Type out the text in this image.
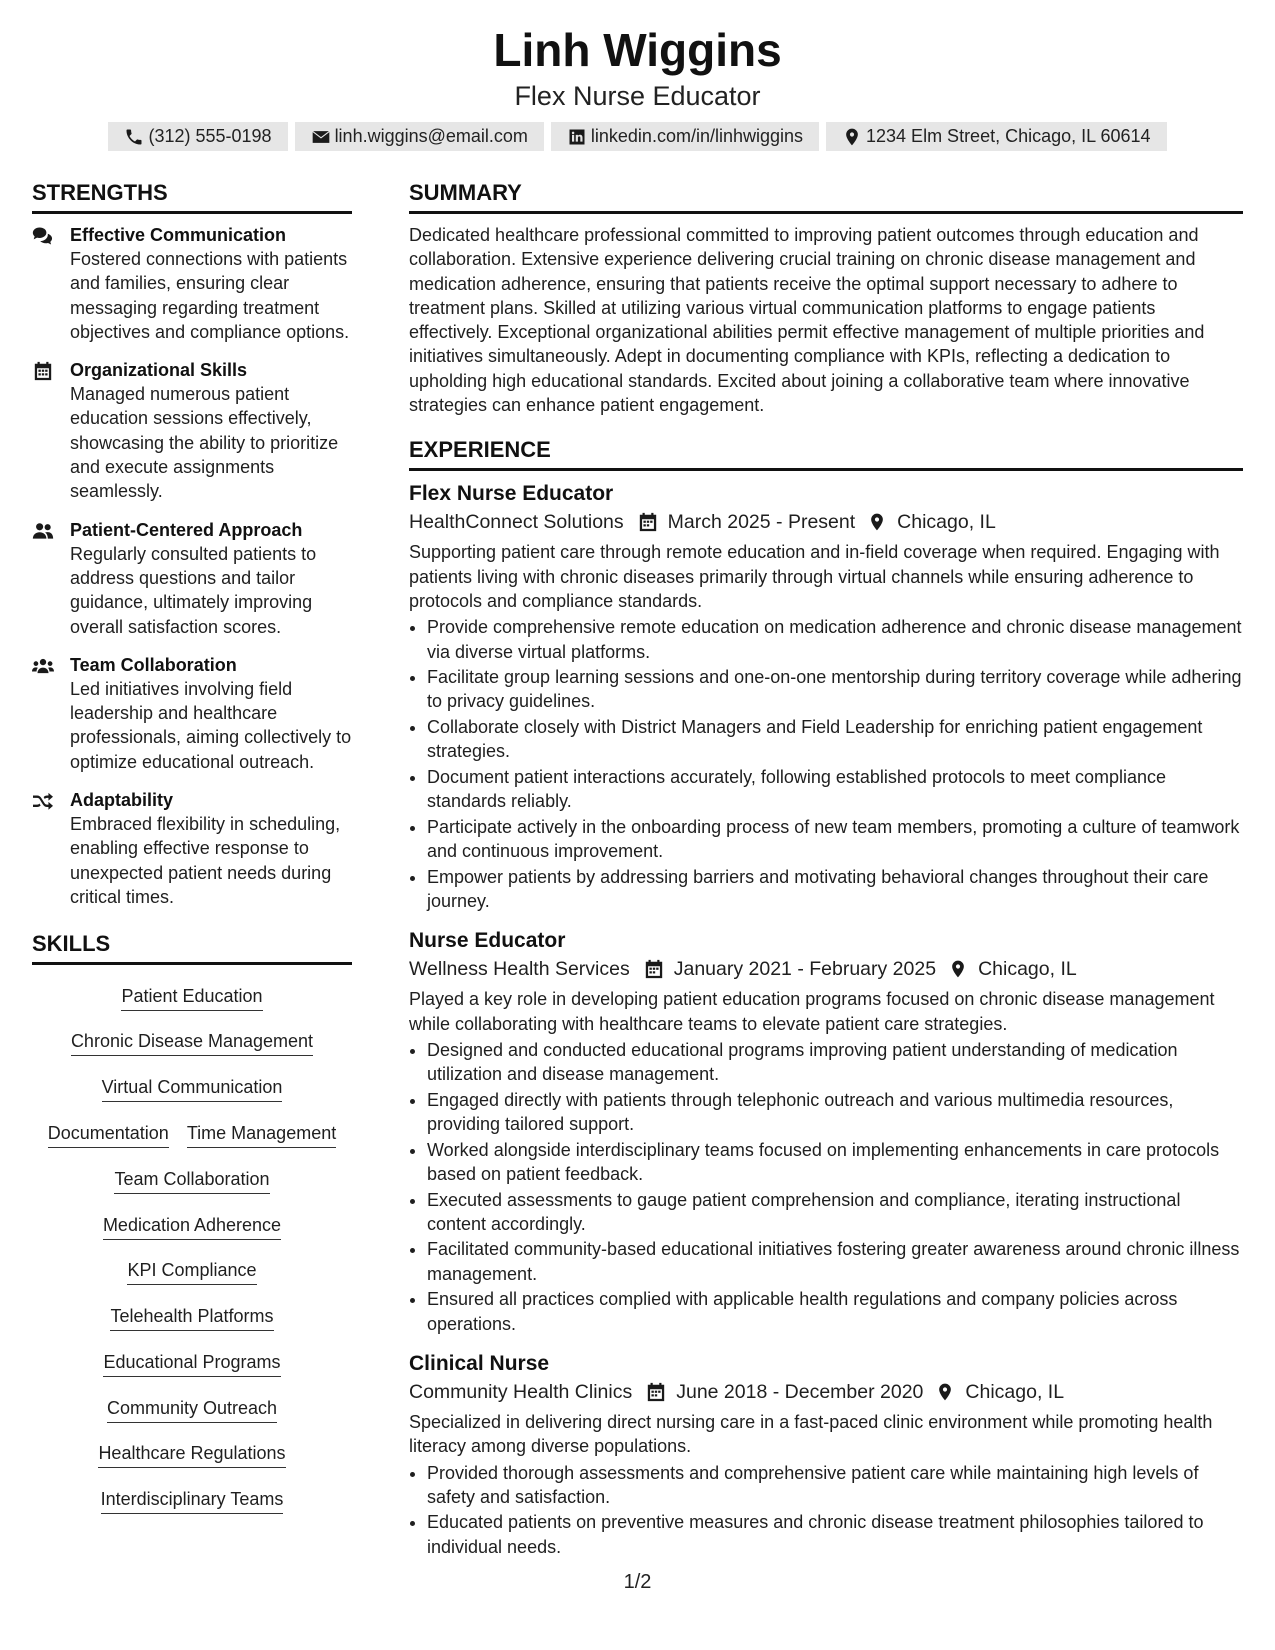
Linh Wiggins
Flex Nurse Educator
(312) 555-0198	linh.wiggins@email.com	linkedin.com/in/linhwiggins	1234 Elm Street, Chicago, IL 60614
STRENGTHS
Effective Communication
Fostered connections with patients and families, ensuring clear messaging regarding treatment objectives and compliance options.
Organizational Skills
Managed numerous patient education sessions effectively, showcasing the ability to prioritize and execute assignments seamlessly.
Patient-Centered Approach
Regularly consulted patients to address questions and tailor guidance, ultimately improving overall satisfaction scores.
Team Collaboration
Led initiatives involving field leadership and healthcare professionals, aiming collectively to optimize educational outreach.
Adaptability
Embraced flexibility in scheduling, enabling effective response to unexpected patient needs during critical times.
SKILLS
Patient Education
Chronic Disease Management
Virtual Communication
Documentation Time Management
Team Collaboration
Medication Adherence
KPI Compliance
Telehealth Platforms
Educational Programs
Community Outreach
Healthcare Regulations
Interdisciplinary Teams
SUMMARY
Dedicated healthcare professional committed to improving patient outcomes through education and collaboration. Extensive experience delivering crucial training on chronic disease management and medication adherence, ensuring that patients receive the optimal support necessary to adhere to treatment plans. Skilled at utilizing various virtual communication platforms to engage patients effectively. Exceptional organizational abilities permit effective management of multiple priorities and initiatives simultaneously. Adept in documenting compliance with KPIs, reflecting a dedication to upholding high educational standards. Excited about joining a collaborative team where innovative strategies can enhance patient engagement.
EXPERIENCE
Flex Nurse Educator
HealthConnect Solutions March 2025 - Present Chicago, IL
Supporting patient care through remote education and in-field coverage when required. Engaging with patients living with chronic diseases primarily through virtual channels while ensuring adherence to protocols and compliance standards.
• Provide comprehensive remote education on medication adherence and chronic disease management via diverse virtual platforms.
• Facilitate group learning sessions and one-on-one mentorship during territory coverage while adhering to privacy guidelines.
• Collaborate closely with District Managers and Field Leadership for enriching patient engagement strategies.
• Document patient interactions accurately, following established protocols to meet compliance standards reliably.
• Participate actively in the onboarding process of new team members, promoting a culture of teamwork and continuous improvement.
• Empower patients by addressing barriers and motivating behavioral changes throughout their care journey.
Nurse Educator
Wellness Health Services January 2021 - February 2025 Chicago, IL
Played a key role in developing patient education programs focused on chronic disease management while collaborating with healthcare teams to elevate patient care strategies.
• Designed and conducted educational programs improving patient understanding of medication utilization and disease management.
• Engaged directly with patients through telephonic outreach and various multimedia resources, providing tailored support.
• Worked alongside interdisciplinary teams focused on implementing enhancements in care protocols based on patient feedback.
• Executed assessments to gauge patient comprehension and compliance, iterating instructional content accordingly.
• Facilitated community-based educational initiatives fostering greater awareness around chronic illness management.
• Ensured all practices complied with applicable health regulations and company policies across operations.
Clinical Nurse
Community Health Clinics June 2018 - December 2020 Chicago, IL
Specialized in delivering direct nursing care in a fast-paced clinic environment while promoting health literacy among diverse populations.
• Provided thorough assessments and comprehensive patient care while maintaining high levels of safety and satisfaction.
• Educated patients on preventive measures and chronic disease treatment philosophies tailored to individual needs.
1/2
